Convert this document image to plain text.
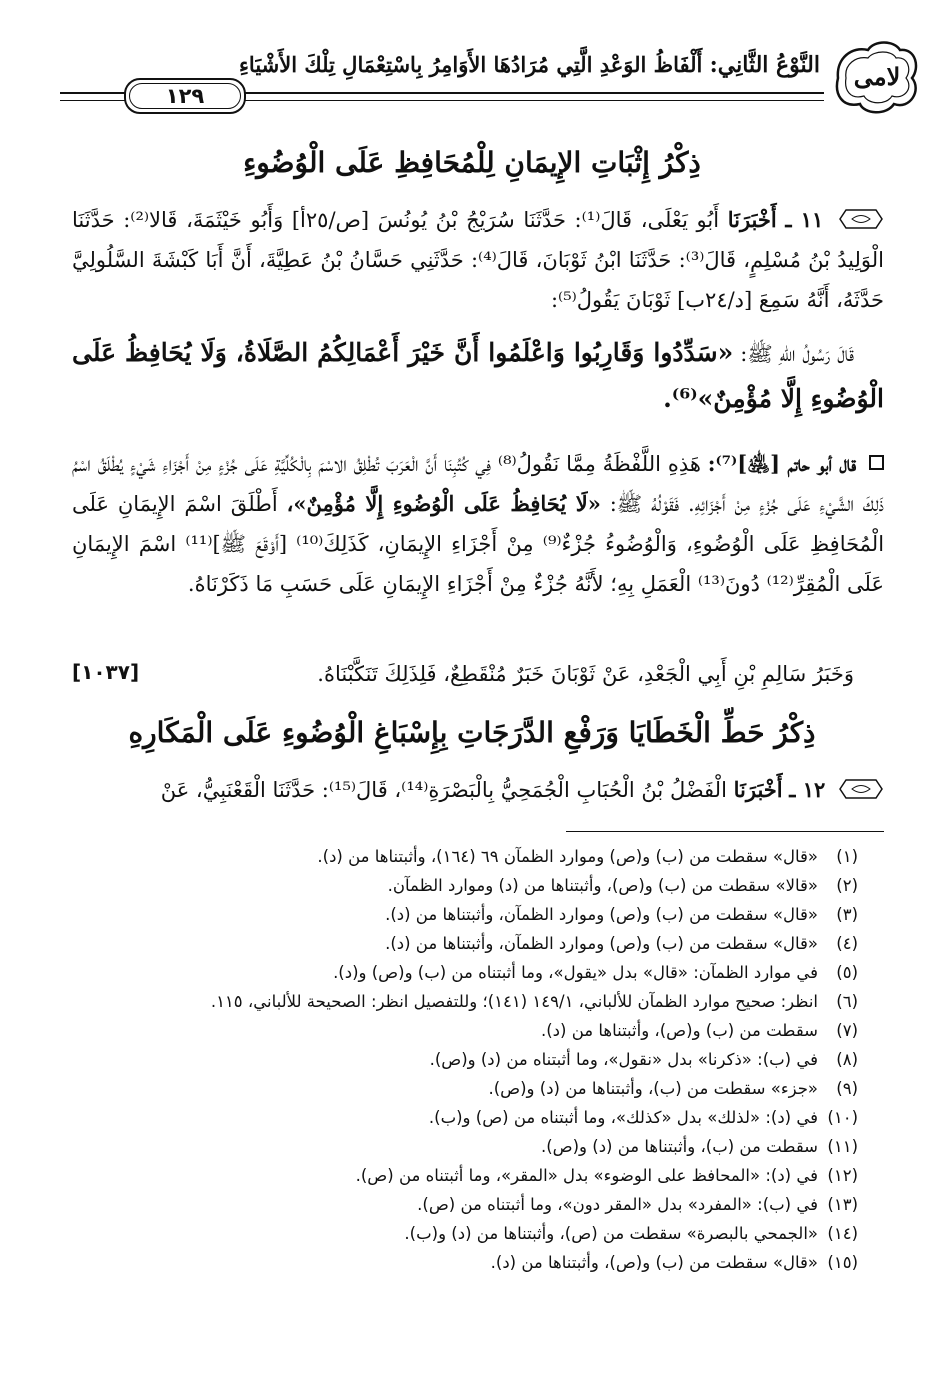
لامی
النَّوْعُ الثَّانِي: أَلْفَاظُ الوَعْدِ الَّتِي مُرَادُهَا الأَوَامِرُ بِاسْتِعْمَالِ تِلْكَ الأَشْيَاءِ
١٢٩
ذِكْرُ إِثْبَاتِ الإِيمَانِ لِلْمُحَافِظِ عَلَى الْوُضُوءِ
١١ ـ أَخْبَرَنَا أَبُو يَعْلَى، قَالَ⁽¹⁾: حَدَّثَنَا سُرَيْجُ بْنُ يُونُسَ [ص/٢٥أ] وَأَبُو خَيْثَمَةَ، قَالا⁽²⁾: حَدَّثَنَا الْوَلِيدُ بْنُ مُسْلِمٍ، قَالَ⁽³⁾: حَدَّثَنَا ابْنُ ثَوْبَانَ، قَالَ⁽⁴⁾: حَدَّثَنِي حَسَّانُ بْنُ عَطِيَّةَ، أَنَّ أَبَا كَبْشَةَ السَّلُولِيَّ حَدَّثَهُ، أَنَّهُ سَمِعَ [د/٢٤ب] ثَوْبَانَ يَقُولُ⁽⁵⁾:
قَالَ رَسُولُ اللهِ ﷺ: «سَدِّدُوا وَقَارِبُوا وَاعْلَمُوا أَنَّ خَيْرَ أَعْمَالِكُمُ الصَّلَاةُ، وَلَا يُحَافِظُ عَلَى الْوُضُوءِ إِلَّا مُؤْمِنٌ»⁽⁶⁾.
قال أبو حاتم [﵁]⁽⁷⁾: هَذِهِ اللَّفْظَةُ مِمَّا نَقُولُ⁽⁸⁾ فِي كُتُبِنَا أَنَّ الْعَرَبَ تُطْلِقُ الاسْمَ بِالْكُلِّيَّةِ عَلَى جُزْءٍ مِنْ أَجْزَاءِ شَيْءٍ يُطْلَقُ اسْمُ ذَلِكَ الشَّيْءِ عَلَى جُزْءٍ مِنْ أَجْزَائِهِ. فَقَوْلُهُ ﷺ: «لَا يُحَافِظُ عَلَى الْوُضُوءِ إِلَّا مُؤْمِنٌ»، أَطْلَقَ اسْمَ الإِيمَانِ عَلَى الْمُحَافِظِ عَلَى الْوُضُوءِ، وَالْوُضُوءُ جُزْءٌ⁽⁹⁾ مِنْ أَجْزَاءِ الإِيمَانِ، كَذَلِكَ⁽¹⁰⁾ [أَوْقَعَ ﷺ]⁽¹¹⁾ اسْمَ الإِيمَانِ عَلَى الْمُقِرِّ⁽¹²⁾ دُونَ⁽¹³⁾ الْعَمَلِ بِهِ؛ لأَنَّهُ جُزْءٌ مِنْ أَجْزَاءِ الإِيمَانِ عَلَى حَسَبِ مَا ذَكَرْنَاهُ.
وَخَبَرُ سَالِمِ بْنِ أَبِي الْجَعْدِ، عَنْ ثَوْبَانَ خَبَرٌ مُنْقَطِعٌ، فَلِذَلِكَ تَنَكَّبْنَاهُ.
[١٠٣٧]
ذِكْرُ حَطِّ الْخَطَايَا وَرَفْعِ الدَّرَجَاتِ بِإِسْبَاغِ الْوُضُوءِ عَلَى الْمَكَارِهِ
١٢ ـ أَخْبَرَنَا الْفَضْلُ بْنُ الْحُبَابِ الْجُمَحِيُّ بِالْبَصْرَةِ⁽¹⁴⁾، قَالَ⁽¹⁵⁾: حَدَّثَنَا الْقَعْنَبِيُّ، عَنْ
(١)
«قال» سقطت من (ب) و(ص) وموارد الظمآن ٦٩ (١٦٤)، وأثبتناها من (د).
(٢)
«قالا» سقطت من (ب) و(ص)، وأثبتناها من (د) وموارد الظمآن.
(٣)
«قال» سقطت من (ب) و(ص) وموارد الظمآن، وأثبتناها من (د).
(٤)
«قال» سقطت من (ب) و(ص) وموارد الظمآن، وأثبتناها من (د).
(٥)
في موارد الظمآن: «قال» بدل «يقول»، وما أثبتناه من (ب) و(ص) و(د).
(٦)
انظر: صحيح موارد الظمآن للألباني، ١٤٩/١ (١٤١)؛ وللتفصيل انظر: الصحيحة للألباني، ١١٥.
(٧)
سقطت من (ب) و(ص)، وأثبتناها من (د).
(٨)
في (ب): «ذكرنا» بدل «نقول»، وما أثبتناه من (د) و(ص).
(٩)
«جزء» سقطت من (ب)، وأثبتناها من (د) و(ص).
(١٠)
في (د): «لذلك» بدل «كذلك»، وما أثبتناه من (ص) و(ب).
(١١)
سقطت من (ب)، وأثبتناها من (د) و(ص).
(١٢)
في (د): «المحافظ على الوضوء» بدل «المقر»، وما أثبتناه من (ص).
(١٣)
في (ب): «المفرد» بدل «المقر دون»، وما أثبتناه من (ص).
(١٤)
«الجمحي بالبصرة» سقطت من (ص)، وأثبتناها من (د) و(ب).
(١٥)
«قال» سقطت من (ب) و(ص)، وأثبتناها من (د).
